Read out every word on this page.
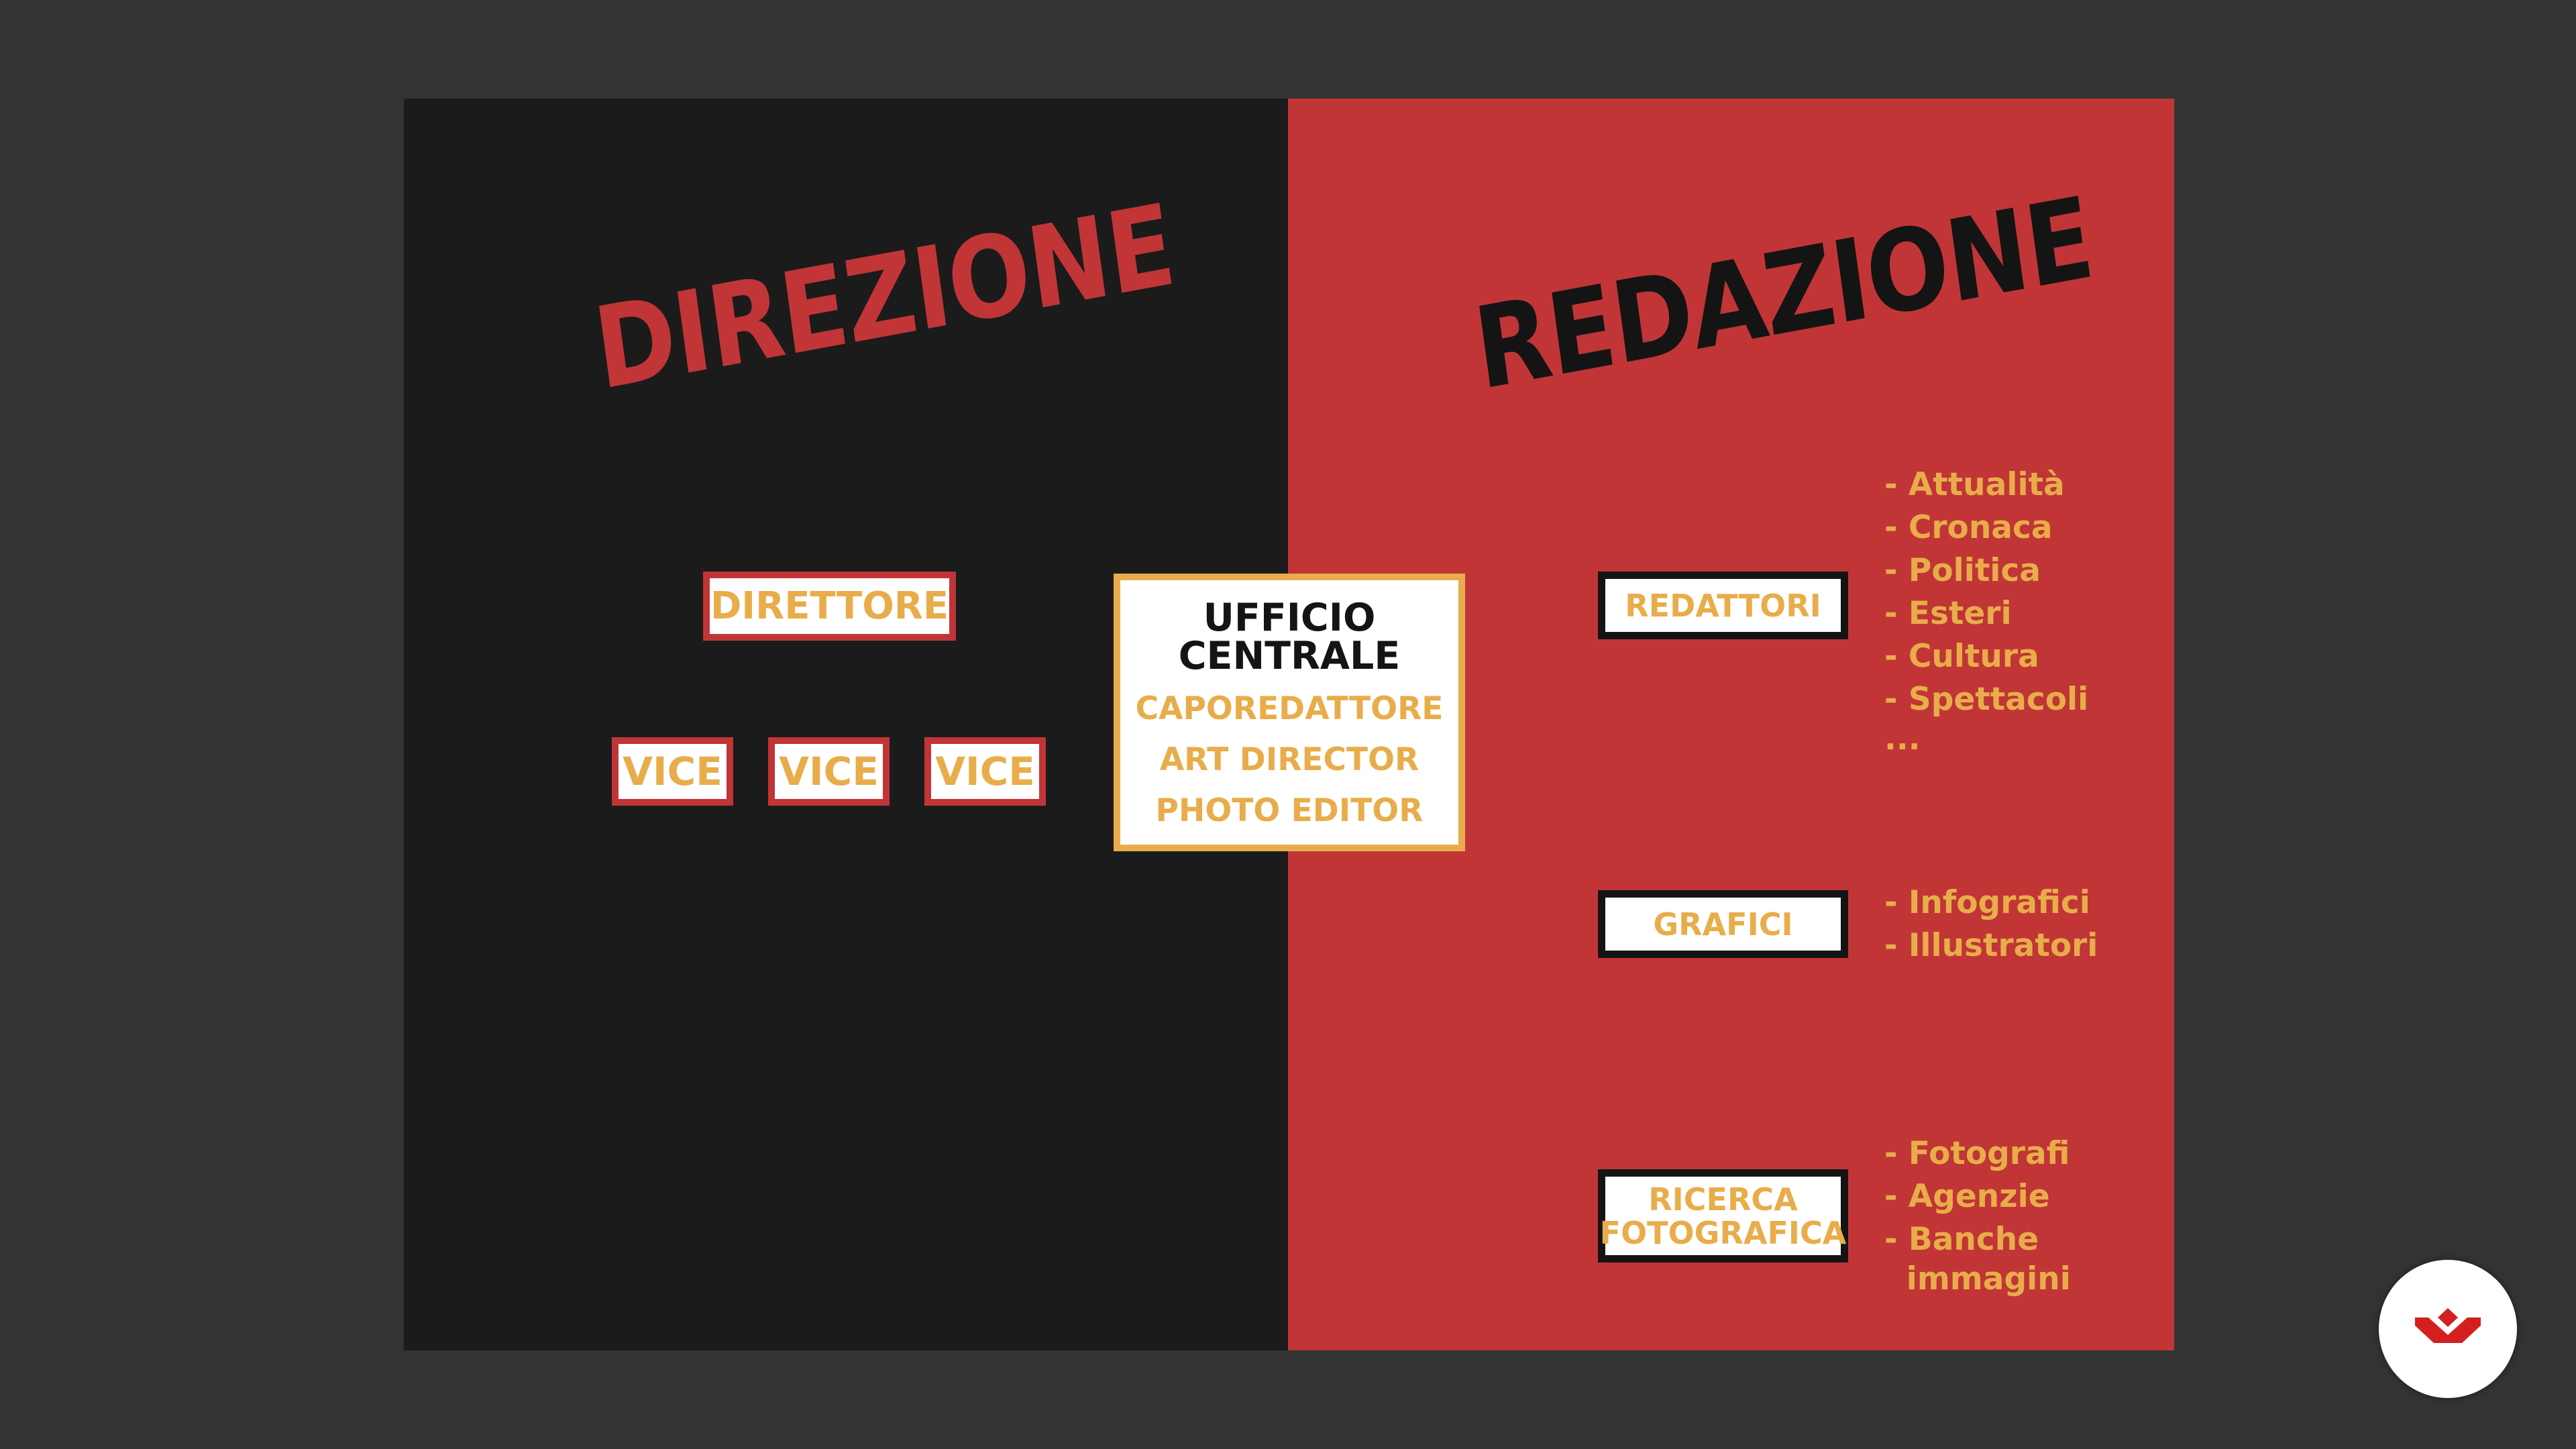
DIREZIONE	REDAZIONE
DIRETTORE
VICE VICE VICE
UFFICIO
CENTRALE
CAPOREDATTORE
ART DIRECTOR
PHOTO EDITOR
REDATTORI
- Attualità
- Cronaca
- Politica
- Esteri
- Cultura
- Spettacoli
...
GRAFICI
- Infografici
- Illustratori
RICERCA
FOTOGRAFICA
- Fotografi
- Agenzie
- Banche
immagini
